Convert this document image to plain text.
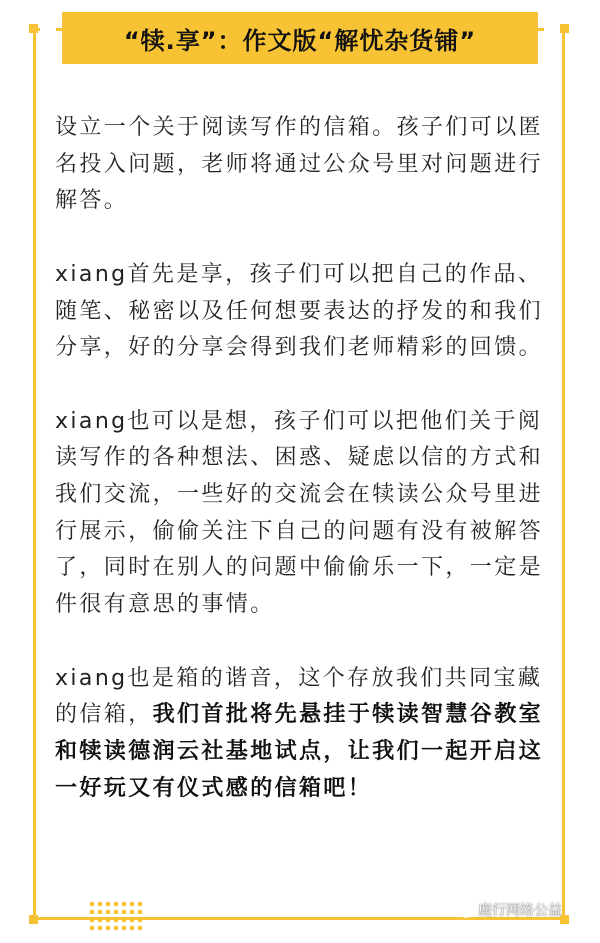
“犊.享”：作文版“解忧杂货铺”

设立一个关于阅读写作的信箱。孩子们可以匿名投入问题，老师将通过公众号里对问题进行解答。

xiang首先是享，孩子们可以把自己的作品、随笔、秘密以及任何想要表达的抒发的和我们分享，好的分享会得到我们老师精彩的回馈。

xiang也可以是想，孩子们可以把他们关于阅读写作的各种想法、困惑、疑虑以信的方式和我们交流，一些好的交流会在犊读公众号里进行展示，偷偷关注下自己的问题有没有被解答了，同时在别人的问题中偷偷乐一下，一定是件很有意思的事情。

xiang也是箱的谐音，这个存放我们共同宝藏的信箱，我们首批将先悬挂于犊读智慧谷教室和犊读德润云社基地试点，让我们一起开启这一好玩又有仪式感的信箱吧！

鹿行网络公益
